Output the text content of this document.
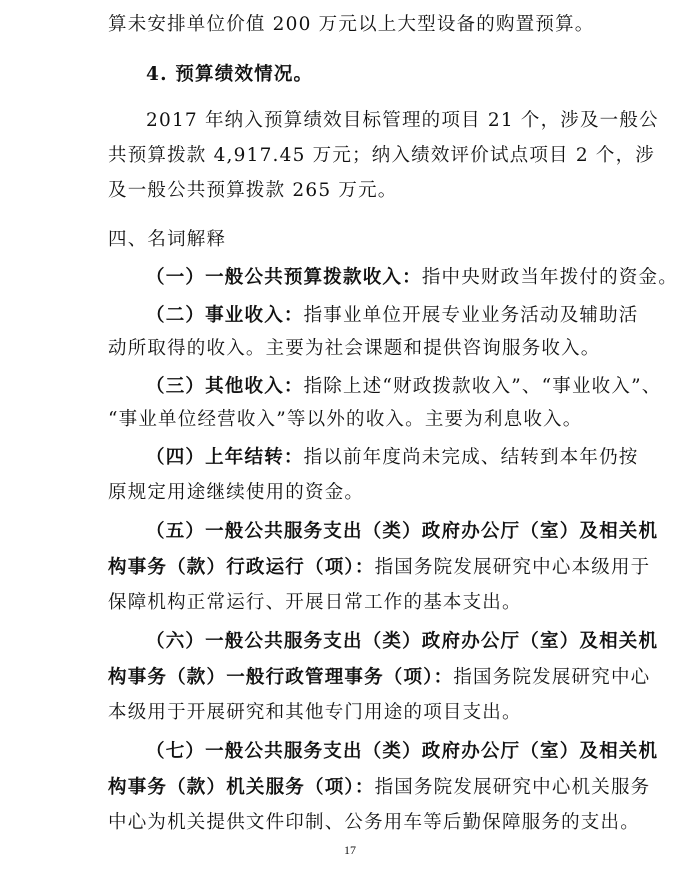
算未安排单位价值 200 万元以上大型设备的购置预算。
4. 预算绩效情况。
2017 年纳入预算绩效目标管理的项目 21 个，涉及一般公
共预算拨款 4,917.45 万元；纳入绩效评价试点项目 2 个，涉
及一般公共预算拨款 265 万元。
四、名词解释
（一）一般公共预算拨款收入：指中央财政当年拨付的资金。
（二）事业收入：指事业单位开展专业业务活动及辅助活
动所取得的收入。主要为社会课题和提供咨询服务收入。
（三）其他收入：指除上述“财政拨款收入”、“事业收入”、
“事业单位经营收入”等以外的收入。主要为利息收入。
（四）上年结转：指以前年度尚未完成、结转到本年仍按
原规定用途继续使用的资金。
（五）一般公共服务支出（类）政府办公厅（室）及相关机
构事务（款）行政运行（项）：指国务院发展研究中心本级用于
保障机构正常运行、开展日常工作的基本支出。
（六）一般公共服务支出（类）政府办公厅（室）及相关机
构事务（款）一般行政管理事务（项）：指国务院发展研究中心
本级用于开展研究和其他专门用途的项目支出。
（七）一般公共服务支出（类）政府办公厅（室）及相关机
构事务（款）机关服务（项）：指国务院发展研究中心机关服务
中心为机关提供文件印制、公务用车等后勤保障服务的支出。
17
